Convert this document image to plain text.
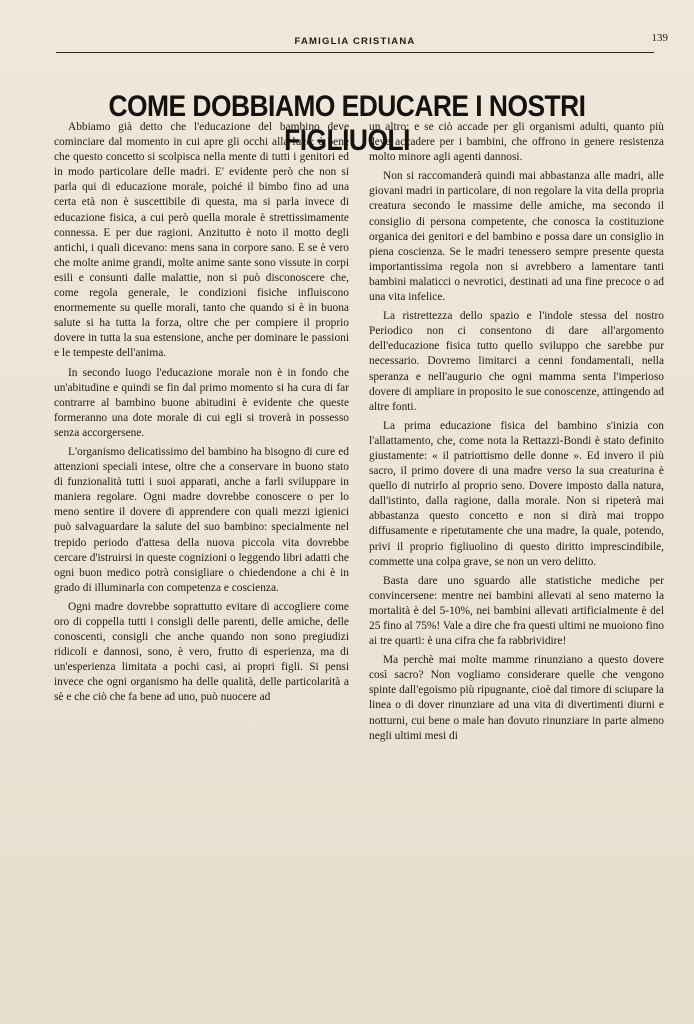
FAMIGLIA CRISTIANA	139
COME DOBBIAMO EDUCARE I NOSTRI FIGLIUOLI

Abbiamo già detto che l'educazione del bambino deve cominciare dal momento in cui apre gli occhi alla luce: è bene che questo concetto si scolpisca nella mente di tutti i genitori ed in modo particolare delle madri. E' evidente però che non si parla qui di educazione morale, poiché il bimbo fino ad una certa età non è suscettibile di questa, ma si parla invece di educazione fisica, a cui però quella morale è strettissimamente connessa. E per due ragioni. Anzitutto è noto il motto degli antichi, i quali dicevano: mens sana in corpore sano. E se è vero che molte anime grandi, molte anime sante sono vissute in corpi esili e consunti dalle malattie, non si può disconoscere che, come regola generale, le condizioni fisiche influiscono enormemente su quelle morali, tanto che quando si è in buona salute si ha tutta la forza, oltre che per compiere il proprio dovere in tutta la sua estensione, anche per dominare le passioni e le tempeste dell'anima.

In secondo luogo l'educazione morale non è in fondo che un'abitudine e quindi se fin dal primo momento si ha cura di far contrarre al bambino buone abitudini è evidente che queste formeranno una dote morale di cui egli si troverà in possesso senza accorgersene.

L'organismo delicatissimo del bambino ha bisogno di cure ed attenzioni speciali intese, oltre che a conservare in buono stato di funzionalità tutti i suoi apparati, anche a farli sviluppare in maniera regolare. Ogni madre dovrebbe conoscere o per lo meno sentire il dovere di apprendere con quali mezzi igienici può salvaguardare la salute del suo bambino: specialmente nel trepido periodo d'attesa della nuova piccola vita dovrebbe cercare d'istruirsi in queste cognizioni o leggendo libri adatti che ogni buon medico potrà consigliare o chiedendone a chi è in grado di illuminarla con competenza e coscienza.

Ogni madre dovrebbe soprattutto evitare di accogliere come oro di coppella tutti i consigli delle parenti, delle amiche, delle conoscenti, consigli che anche quando non sono pregiudizi ridicoli e dannosi, sono, è vero, frutto di esperienza, ma di un'esperienza limitata a pochi casi, ai propri figli. Si pensi invece che ogni organismo ha delle qualità, delle particolarità a sè e che ciò che fa bene ad uno, può nuocere ad

un altro: e se ciò accade per gli organismi adulti, quanto più deve accadere per i bambini, che offrono in genere resistenza molto minore agli agenti dannosi.

Non si raccomanderà quindi mai abbastanza alle madri, alle giovani madri in particolare, di non regolare la vita della propria creatura secondo le massime delle amiche, ma secondo il consiglio di persona competente, che conosca la costituzione organica dei genitori e del bambino e possa dare un consiglio in piena coscienza. Se le madri tenessero sempre presente questa importantissima regola non si avrebbero a lamentare tanti bambini malaticci o nevrotici, destinati ad una fine precoce o ad una vita infelice.

La ristrettezza dello spazio e l'indole stessa del nostro Periodico non ci consentono di dare all'argomento dell'educazione fisica tutto quello sviluppo che sarebbe pur necessario. Dovremo limitarci a cenni fondamentali, nella speranza e nell'augurio che ogni mamma senta l'imperioso dovere di ampliare in proposito le sue conoscenze, attingendo ad altre fonti.

La prima educazione fisica del bambino s'inizia con l'allattamento, che, come nota la Rettazzi-Bondi è stato definito giustamente: « il patriottismo delle donne ». Ed invero il più sacro, il primo dovere di una madre verso la sua creaturina è quello di nutrirlo al proprio seno. Dovere imposto dalla natura, dall'istinto, dalla ragione, dalla morale. Non si ripeterà mai abbastanza questo concetto e non si dirà mai troppo diffusamente e ripetutamente che una madre, la quale, potendo, privi il proprio figliuolino di questo diritto imprescindibile, commette una colpa grave, se non un vero delitto.

Basta dare uno sguardo alle statistiche mediche per convincersene: mentre nei bambini allevati al seno materno la mortalità è del 5-10%, nei bambini allevati artificialmente è del 25 fino al 75%! Vale a dire che fra questi ultimi ne muoiono fino ai tre quarti: è una cifra che fa rabbrividire!

Ma perchè mai molte mamme rinunziano a questo dovere così sacro? Non vogliamo considerare quelle che vengono spinte dall'egoismo più ripugnante, cioè dal timore di sciupare la linea o di dover rinunziare ad una vita di divertimenti diurni e notturni, cui bene o male han dovuto rinunziare in parte almeno negli ultimi mesi di
